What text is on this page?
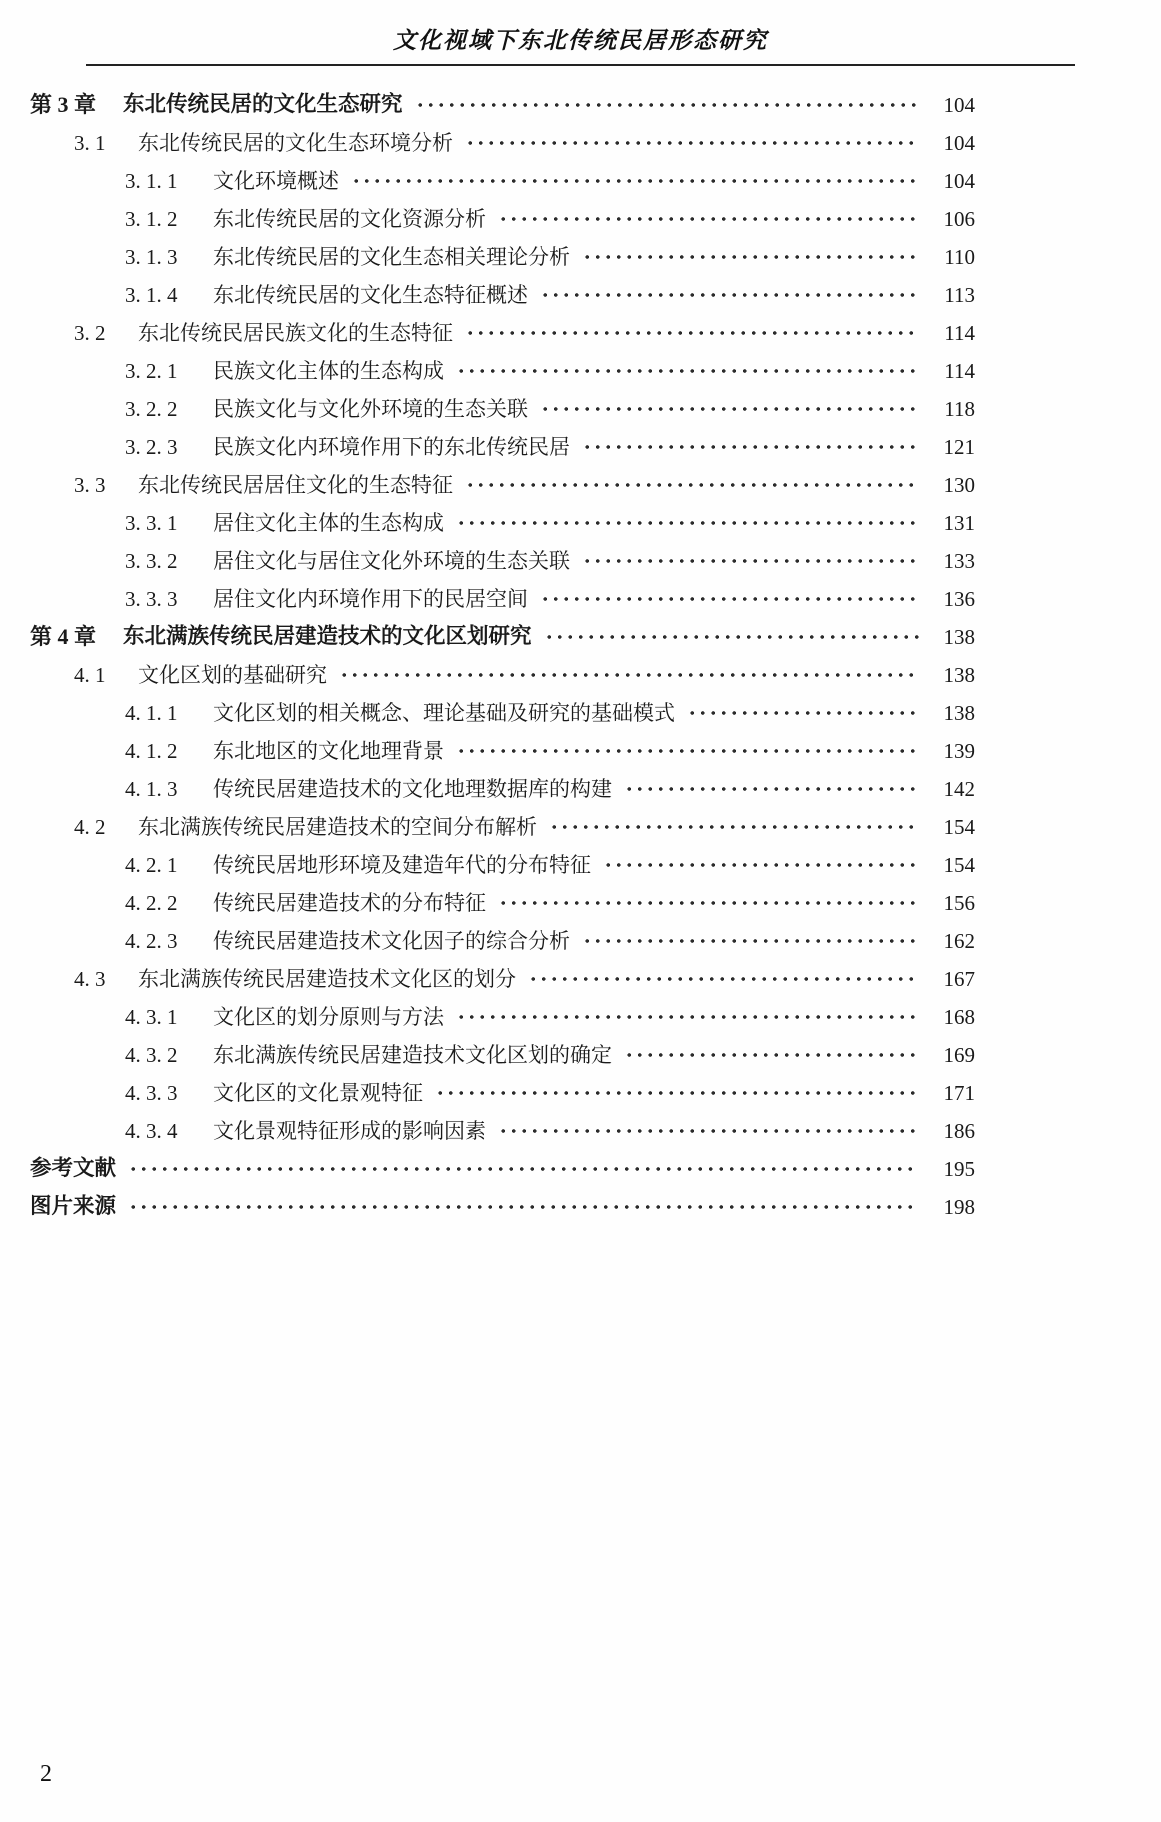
文化视域下东北传统民居形态研究
第 3 章	东北传统民居的文化生态研究	104
3. 1	东北传统民居的文化生态环境分析	104
3. 1. 1	文化环境概述	104
3. 1. 2	东北传统民居的文化资源分析	106
3. 1. 3	东北传统民居的文化生态相关理论分析	110
3. 1. 4	东北传统民居的文化生态特征概述	113
3. 2	东北传统民居民族文化的生态特征	114
3. 2. 1	民族文化主体的生态构成	114
3. 2. 2	民族文化与文化外环境的生态关联	118
3. 2. 3	民族文化内环境作用下的东北传统民居	121
3. 3	东北传统民居居住文化的生态特征	130
3. 3. 1	居住文化主体的生态构成	131
3. 3. 2	居住文化与居住文化外环境的生态关联	133
3. 3. 3	居住文化内环境作用下的民居空间	136
第 4 章	东北满族传统民居建造技术的文化区划研究	138
4. 1	文化区划的基础研究	138
4. 1. 1	文化区划的相关概念、理论基础及研究的基础模式	138
4. 1. 2	东北地区的文化地理背景	139
4. 1. 3	传统民居建造技术的文化地理数据库的构建	142
4. 2	东北满族传统民居建造技术的空间分布解析	154
4. 2. 1	传统民居地形环境及建造年代的分布特征	154
4. 2. 2	传统民居建造技术的分布特征	156
4. 2. 3	传统民居建造技术文化因子的综合分析	162
4. 3	东北满族传统民居建造技术文化区的划分	167
4. 3. 1	文化区的划分原则与方法	168
4. 3. 2	东北满族传统民居建造技术文化区划的确定	169
4. 3. 3	文化区的文化景观特征	171
4. 3. 4	文化景观特征形成的影响因素	186
参考文献	195
图片来源	198
2
